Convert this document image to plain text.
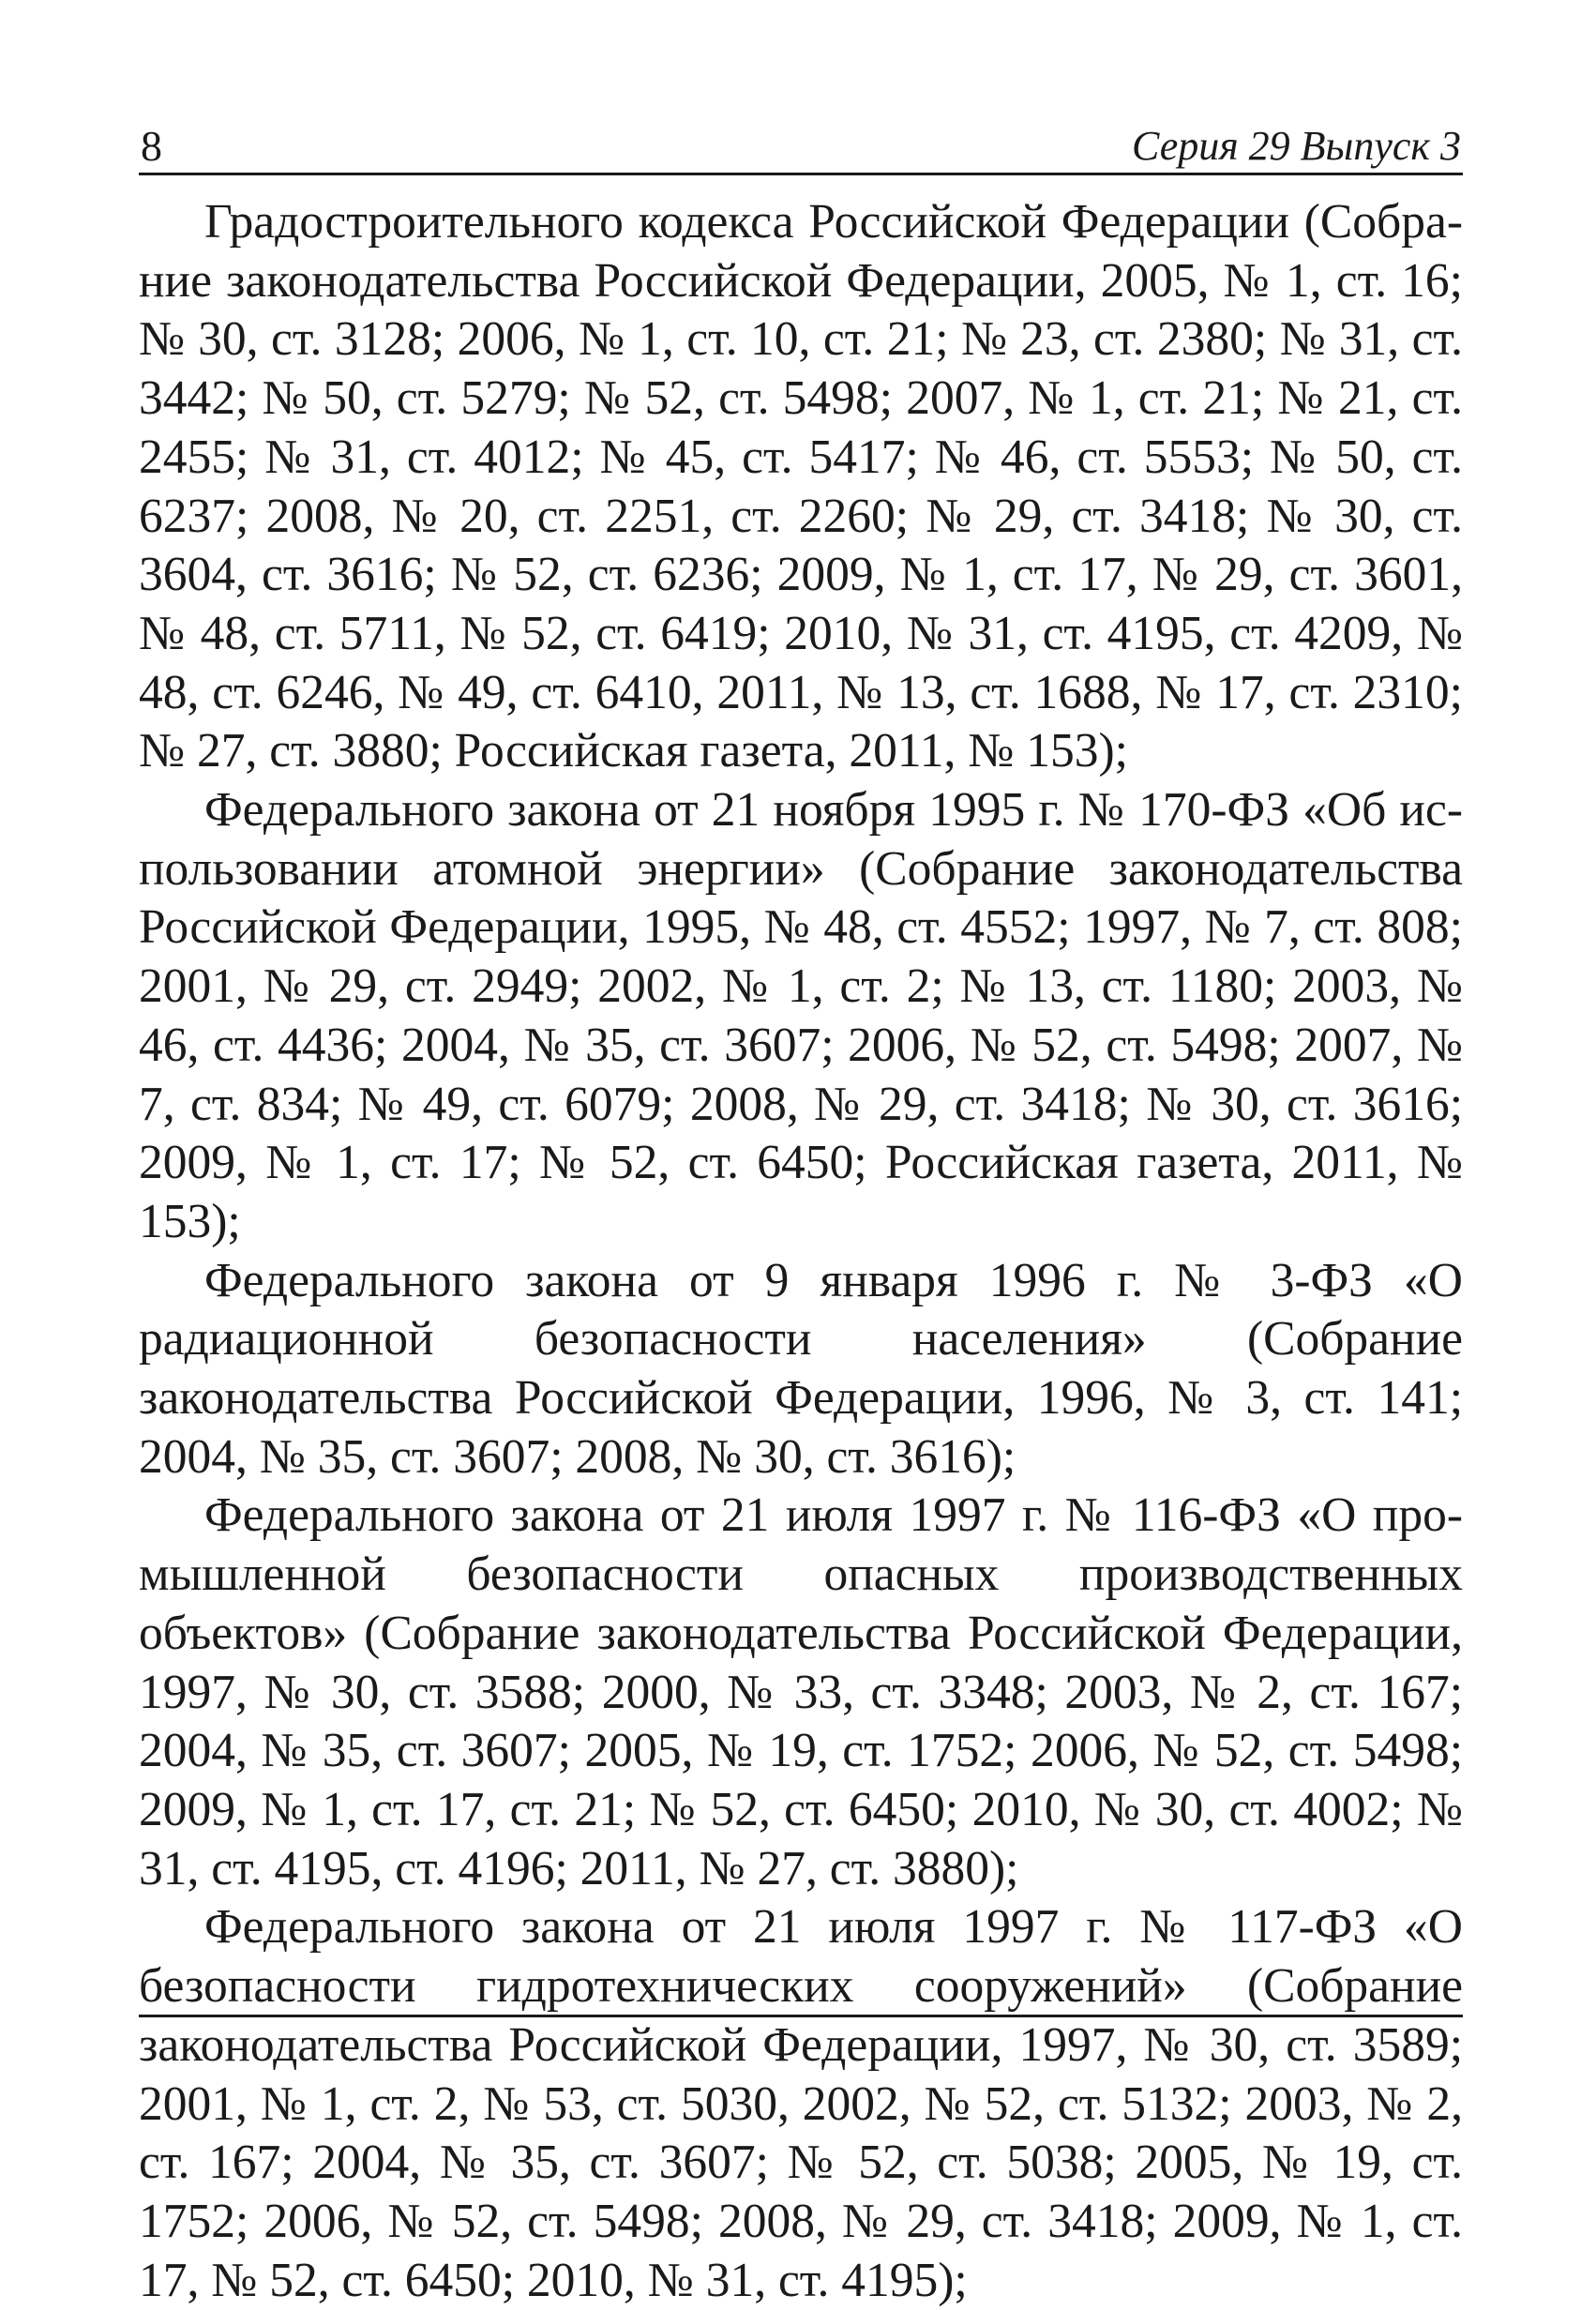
8	Серия 29 Выпуск 3

Градостроительного кодекса Российской Федерации (Собрание законодательства Российской Федерации, 2005, № 1, ст. 16; № 30, ст. 3128; 2006, № 1, ст. 10, ст. 21; № 23, ст. 2380; № 31, ст. 3442; № 50, ст. 5279; № 52, ст. 5498; 2007, № 1, ст. 21; № 21, ст. 2455; № 31, ст. 4012; № 45, ст. 5417; № 46, ст. 5553; № 50, ст. 6237; 2008, № 20, ст. 2251, ст. 2260; № 29, ст. 3418; № 30, ст. 3604, ст. 3616; № 52, ст. 6236; 2009, № 1, ст. 17, № 29, ст. 3601, № 48, ст. 5711, № 52, ст. 6419; 2010, № 31, ст. 4195, ст. 4209, № 48, ст. 6246, № 49, ст. 6410, 2011, № 13, ст. 1688, № 17, ст. 2310; № 27, ст. 3880; Российская газета, 2011, № 153);

Федерального закона от 21 ноября 1995 г. № 170-ФЗ «Об использовании атомной энергии» (Собрание законодательства Российской Федерации, 1995, № 48, ст. 4552; 1997, № 7, ст. 808; 2001, № 29, ст. 2949; 2002, № 1, ст. 2; № 13, ст. 1180; 2003, № 46, ст. 4436; 2004, № 35, ст. 3607; 2006, № 52, ст. 5498; 2007, № 7, ст. 834; № 49, ст. 6079; 2008, № 29, ст. 3418; № 30, ст. 3616; 2009, № 1, ст. 17; № 52, ст. 6450; Российская газета, 2011, № 153);

Федерального закона от 9 января 1996 г. № 3-ФЗ «О радиационной безопасности населения» (Собрание законодательства Российской Федерации, 1996, № 3, ст. 141; 2004, № 35, ст. 3607; 2008, № 30, ст. 3616);

Федерального закона от 21 июля 1997 г. № 116-ФЗ «О промышленной безопасности опасных производственных объектов» (Собрание законодательства Российской Федерации, 1997, № 30, ст. 3588; 2000, № 33, ст. 3348; 2003, № 2, ст. 167; 2004, № 35, ст. 3607; 2005, № 19, ст. 1752; 2006, № 52, ст. 5498; 2009, № 1, ст. 17, ст. 21; № 52, ст. 6450; 2010, № 30, ст. 4002; № 31, ст. 4195, ст. 4196; 2011, № 27, ст. 3880);

Федерального закона от 21 июля 1997 г. № 117-ФЗ «О безопасности гидротехнических сооружений» (Собрание законодательства Российской Федерации, 1997, № 30, ст. 3589; 2001, № 1, ст. 2, № 53, ст. 5030, 2002, № 52, ст. 5132; 2003, № 2, ст. 167; 2004, № 35, ст. 3607; № 52, ст. 5038; 2005, № 19, ст. 1752; 2006, № 52, ст. 5498; 2008, № 29, ст. 3418; 2009, № 1, ст. 17, № 52, ст. 6450; 2010, № 31, ст. 4195);
